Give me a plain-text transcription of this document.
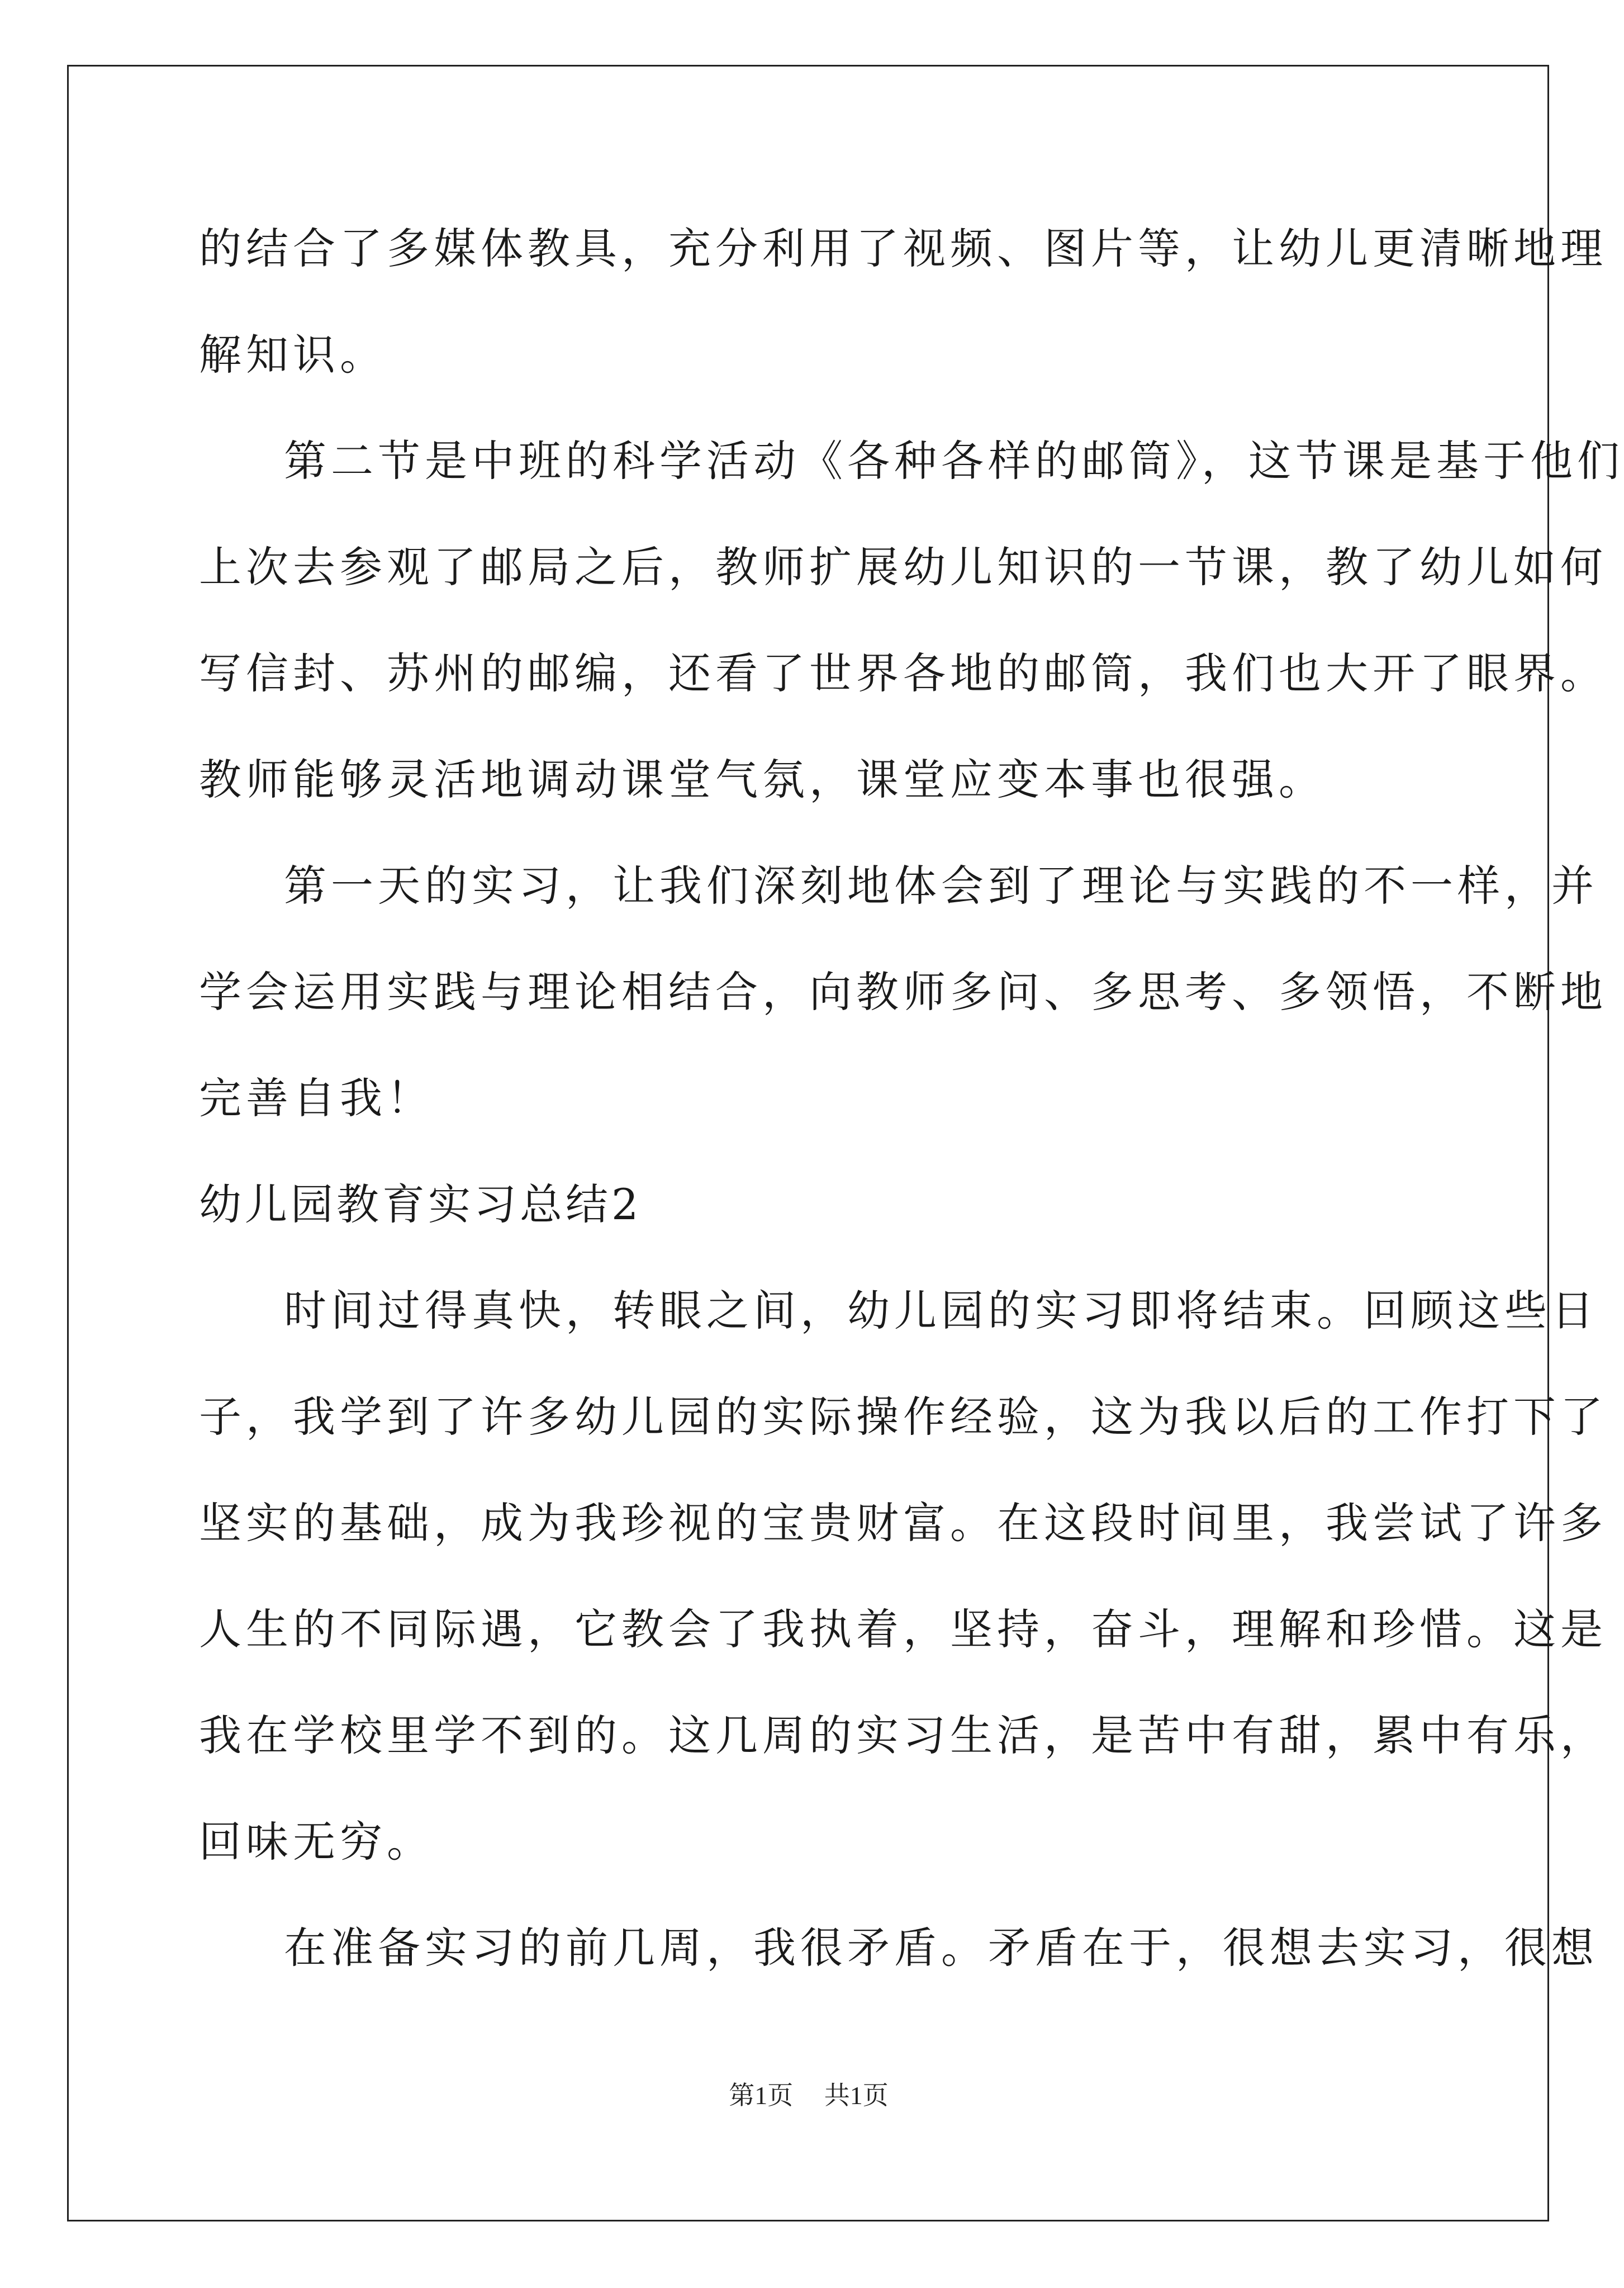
的结合了多媒体教具，充分利用了视频、图片等，让幼儿更清晰地理
解知识。
第二节是中班的科学活动《各种各样的邮筒》，这节课是基于他们
上次去参观了邮局之后，教师扩展幼儿知识的一节课，教了幼儿如何
写信封、苏州的邮编，还看了世界各地的邮筒，我们也大开了眼界。
教师能够灵活地调动课堂气氛，课堂应变本事也很强。
第一天的实习，让我们深刻地体会到了理论与实践的不一样，并
学会运用实践与理论相结合，向教师多问、多思考、多领悟，不断地
完善自我！
幼儿园教育实习总结2
时间过得真快，转眼之间，幼儿园的实习即将结束。回顾这些日
子，我学到了许多幼儿园的实际操作经验，这为我以后的工作打下了
坚实的基础，成为我珍视的宝贵财富。在这段时间里，我尝试了许多
人生的不同际遇，它教会了我执着，坚持，奋斗，理解和珍惜。这是
我在学校里学不到的。这几周的实习生活，是苦中有甜，累中有乐，
回味无穷。
在准备实习的前几周，我很矛盾。矛盾在于，很想去实习，很想
第1页 共1页
